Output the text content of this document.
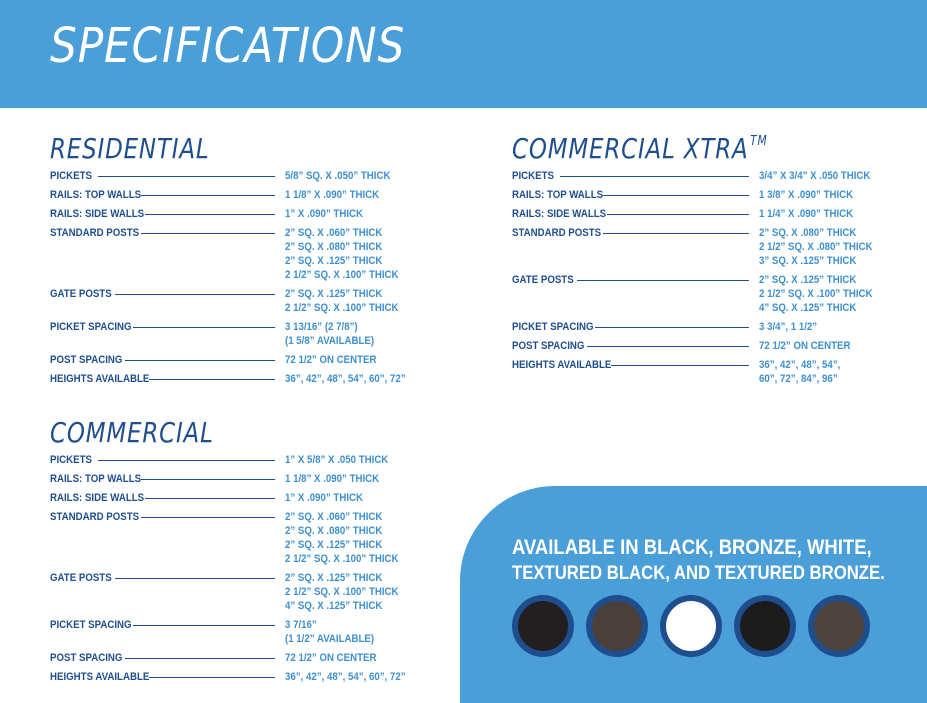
SPECIFICATIONS
RESIDENTIAL
PICKETS	5/8” SQ. X .050” THICK
RAILS: TOP WALLS	1 1/8” X .090” THICK
RAILS: SIDE WALLS	1” X .090” THICK
STANDARD POSTS	2” SQ. X .060” THICK
2” SQ. X .080” THICK
2” SQ. X .125” THICK
2 1/2” SQ. X .100” THICK
GATE POSTS	2” SQ. X .125” THICK
2 1/2” SQ. X .100” THICK
PICKET SPACING	3 13/16” (2 7/8”)
(1 5/8” AVAILABLE)
POST SPACING	72 1/2” ON CENTER
HEIGHTS AVAILABLE	36”, 42”, 48”, 54”, 60”, 72”
COMMERCIAL
PICKETS	1” X 5/8” X .050 THICK
RAILS: TOP WALLS	1 1/8” X .090” THICK
RAILS: SIDE WALLS	1” X .090” THICK
STANDARD POSTS	2” SQ. X .060” THICK
2” SQ. X .080” THICK
2” SQ. X .125” THICK
2 1/2” SQ. X .100” THICK
GATE POSTS	2” SQ. X .125” THICK
2 1/2” SQ. X .100” THICK
4” SQ. X .125” THICK
PICKET SPACING	3 7/16”
(1 1/2” AVAILABLE)
POST SPACING	72 1/2” ON CENTER
HEIGHTS AVAILABLE	36”, 42”, 48”, 54”, 60”, 72”
COMMERCIAL XTRA ™
PICKETS	3/4” X 3/4” X .050 THICK
RAILS: TOP WALLS	1 3/8” X .090” THICK
RAILS: SIDE WALLS	1 1/4” X .090” THICK
STANDARD POSTS	2” SQ. X .080” THICK
2 1/2” SQ. X .080” THICK
3” SQ. X .125” THICK
GATE POSTS	2” SQ. X .125” THICK
2 1/2” SQ. X .100” THICK
4” SQ. X .125” THICK
PICKET SPACING	3 3/4”, 1 1/2”
POST SPACING	72 1/2” ON CENTER
HEIGHTS AVAILABLE	36”, 42”, 48”, 54”,
60”, 72”, 84”, 96”
AVAILABLE IN BLACK, BRONZE, WHITE,
TEXTURED BLACK, AND TEXTURED BRONZE.
